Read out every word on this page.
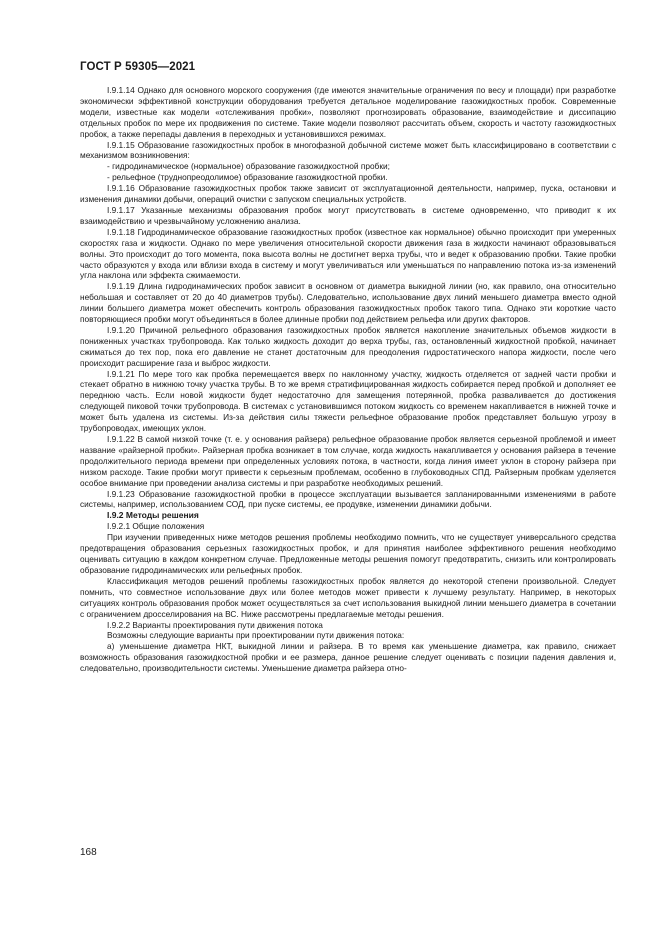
ГОСТ Р 59305—2021

I.9.1.14 Однако для основного морского сооружения (где имеются значительные ограничения по весу и площади) при разработке экономически эффективной конструкции оборудования требуется детальное моделирование газожидкостных пробок. Современные модели, известные как модели «отслеживания пробки», позволяют прогнозировать образование, взаимодействие и диссипацию отдельных пробок по мере их продвижения по системе. Такие модели позволяют рассчитать объем, скорость и частоту газожидкостных пробок, а также перепады давления в переходных и установившихся режимах.

I.9.1.15 Образование газожидкостных пробок в многофазной добычной системе может быть классифицировано в соответствии с механизмом возникновения:

- гидродинамическое (нормальное) образование газожидкостной пробки;

- рельефное (труднопреодолимое) образование газожидкостной пробки.

I.9.1.16 Образование газожидкостных пробок также зависит от эксплуатационной деятельности, например, пуска, остановки и изменения динамики добычи, операций очистки с запуском специальных устройств.

I.9.1.17 Указанные механизмы образования пробок могут присутствовать в системе одновременно, что приводит к их взаимодействию и чрезвычайному усложнению анализа.

I.9.1.18 Гидродинамическое образование газожидкостных пробок (известное как нормальное) обычно происходит при умеренных скоростях газа и жидкости. Однако по мере увеличения относительной скорости движения газа в жидкости начинают образовываться волны. Это происходит до того момента, пока высота волны не достигнет верха трубы, что и ведет к образованию пробки. Такие пробки часто образуются у входа или вблизи входа в систему и могут увеличиваться или уменьшаться по направлению потока из-за изменений угла наклона или эффекта сжимаемости.

I.9.1.19 Длина гидродинамических пробок зависит в основном от диаметра выкидной линии (но, как правило, она относительно небольшая и составляет от 20 до 40 диаметров трубы). Следовательно, использование двух линий меньшего диаметра вместо одной линии большего диаметра может обеспечить контроль образования газожидкостных пробок такого типа. Однако эти короткие часто повторяющиеся пробки могут объединяться в более длинные пробки под действием рельефа или других факторов.

I.9.1.20 Причиной рельефного образования газожидкостных пробок является накопление значительных объемов жидкости в пониженных участках трубопровода. Как только жидкость доходит до верха трубы, газ, остановленный жидкостной пробкой, начинает сжиматься до тех пор, пока его давление не станет достаточным для преодоления гидростатического напора жидкости, после чего происходит расширение газа и выброс жидкости.

I.9.1.21 По мере того как пробка перемещается вверх по наклонному участку, жидкость отделяется от задней части пробки и стекает обратно в нижнюю точку участка трубы. В то же время стратифицированная жидкость собирается перед пробкой и дополняет ее переднюю часть. Если новой жидкости будет недостаточно для замещения потерянной, пробка разваливается до достижения следующей пиковой точки трубопровода. В системах с установившимся потоком жидкость со временем накапливается в нижней точке и может быть удалена из системы. Из-за действия силы тяжести рельефное образование пробок представляет большую угрозу в трубопроводах, имеющих уклон.

I.9.1.22 В самой низкой точке (т. е. у основания райзера) рельефное образование пробок является серьезной проблемой и имеет название «райзерной пробки». Райзерная пробка возникает в том случае, когда жидкость накапливается у основания райзера в течение продолжительного периода времени при определенных условиях потока, в частности, когда линия имеет уклон в сторону райзера при низком расходе. Такие пробки могут привести к серьезным проблемам, особенно в глубоководных СПД. Райзерным пробкам уделяется особое внимание при проведении анализа системы и при разработке необходимых решений.

I.9.1.23 Образование газожидкостной пробки в процессе эксплуатации вызывается запланированными изменениями в работе системы, например, использованием СОД, при пуске системы, ее продувке, изменении динамики добычи.

I.9.2 Методы решения

I.9.2.1 Общие положения

При изучении приведенных ниже методов решения проблемы необходимо помнить, что не существует универсального средства предотвращения образования серьезных газожидкостных пробок, и для принятия наиболее эффективного решения необходимо оценивать ситуацию в каждом конкретном случае. Предложенные методы решения помогут предотвратить, снизить или контролировать образование гидродинамических или рельефных пробок.

Классификация методов решений проблемы газожидкостных пробок является до некоторой степени произвольной. Следует помнить, что совместное использование двух или более методов может привести к лучшему результату. Например, в некоторых ситуациях контроль образования пробок может осуществляться за счет использования выкидной линии меньшего диаметра в сочетании с ограничением дросселирования на ВС. Ниже рассмотрены предлагаемые методы решения.

I.9.2.2 Варианты проектирования пути движения потока

Возможны следующие варианты при проектировании пути движения потока:

а) уменьшение диаметра НКТ, выкидной линии и райзера. В то время как уменьшение диаметра, как правило, снижает возможность образования газожидкостной пробки и ее размера, данное решение следует оценивать с позиции падения давления и, следовательно, производительности системы. Уменьшение диаметра райзера отно-

168
